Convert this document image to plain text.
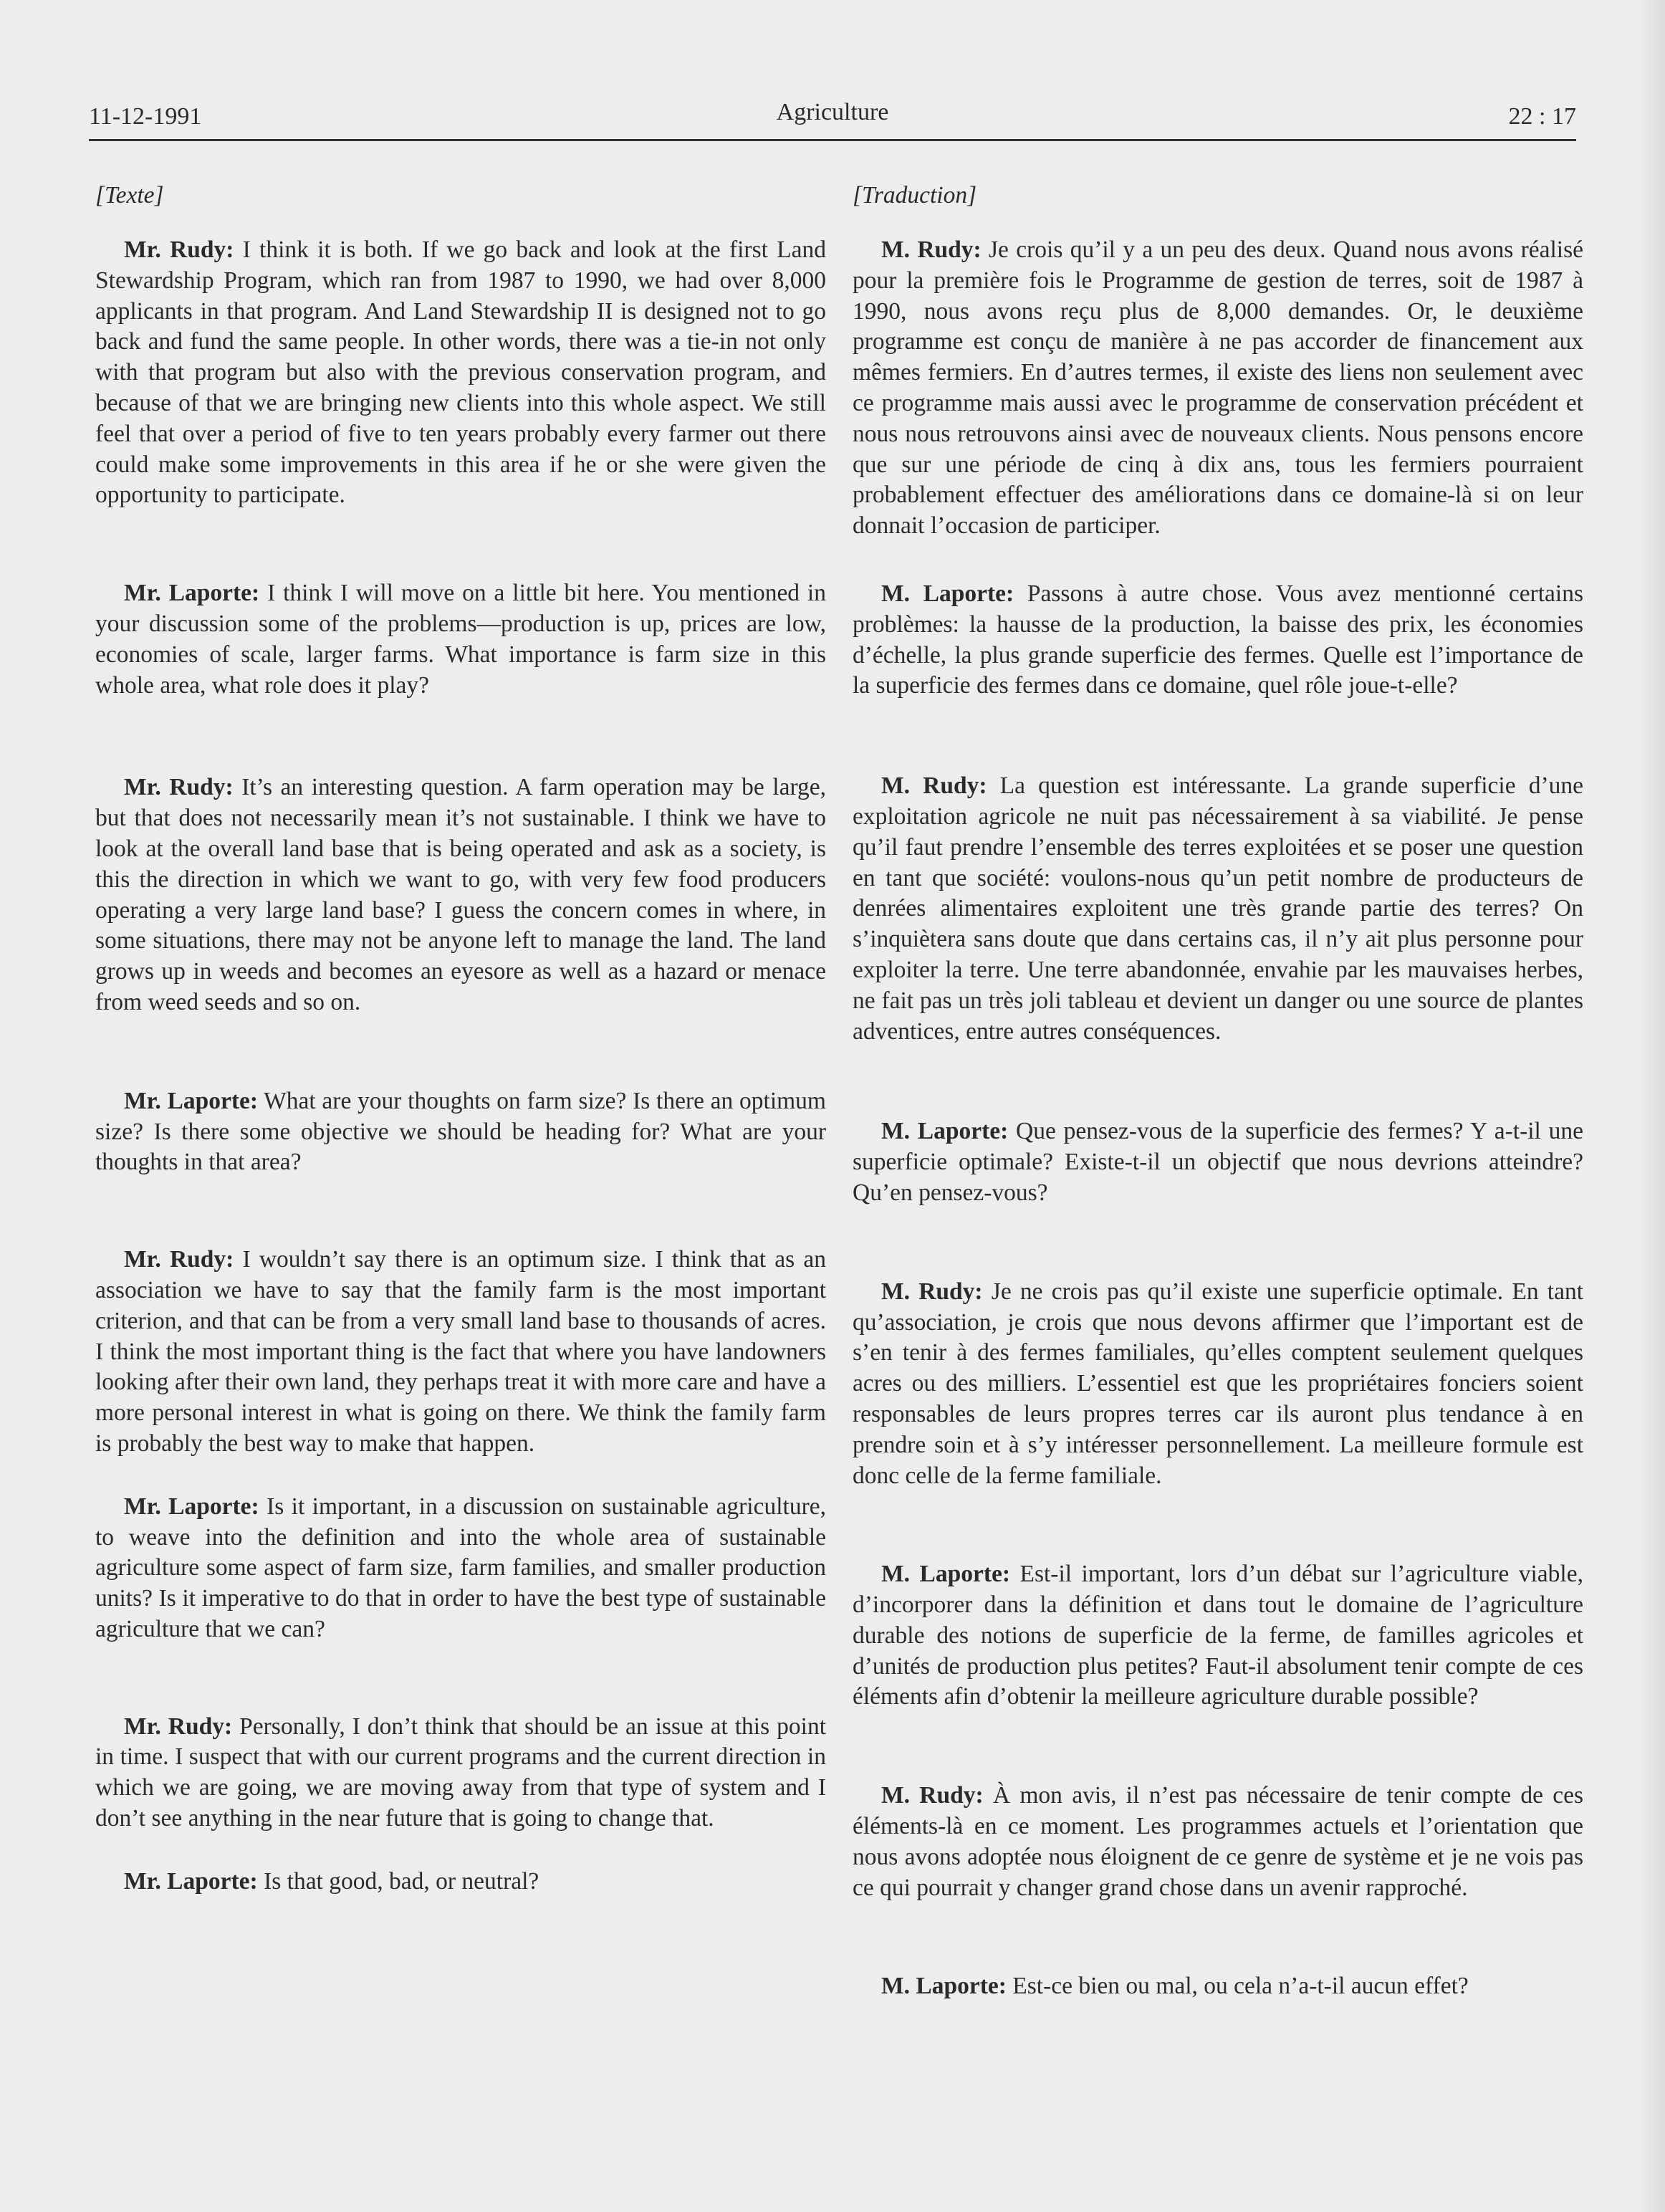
11-12-1991	Agriculture	22 : 17
[Texte]

Mr. Rudy: I think it is both. If we go back and look at the first Land Stewardship Program, which ran from 1987 to 1990, we had over 8,000 applicants in that program. And Land Stewardship II is designed not to go back and fund the same people. In other words, there was a tie-in not only with that program but also with the previous conservation program, and because of that we are bringing new clients into this whole aspect. We still feel that over a period of five to ten years probably every farmer out there could make some improvements in this area if he or she were given the opportunity to participate.

Mr. Laporte: I think I will move on a little bit here. You mentioned in your discussion some of the problems—production is up, prices are low, economies of scale, larger farms. What importance is farm size in this whole area, what role does it play?

Mr. Rudy: It’s an interesting question. A farm operation may be large, but that does not necessarily mean it’s not sustainable. I think we have to look at the overall land base that is being operated and ask as a society, is this the direction in which we want to go, with very few food producers operating a very large land base? I guess the concern comes in where, in some situations, there may not be anyone left to manage the land. The land grows up in weeds and becomes an eyesore as well as a hazard or menace from weed seeds and so on.

Mr. Laporte: What are your thoughts on farm size? Is there an optimum size? Is there some objective we should be heading for? What are your thoughts in that area?

Mr. Rudy: I wouldn’t say there is an optimum size. I think that as an association we have to say that the family farm is the most important criterion, and that can be from a very small land base to thousands of acres. I think the most important thing is the fact that where you have landowners looking after their own land, they perhaps treat it with more care and have a more personal interest in what is going on there. We think the family farm is probably the best way to make that happen.

Mr. Laporte: Is it important, in a discussion on sustainable agriculture, to weave into the definition and into the whole area of sustainable agriculture some aspect of farm size, farm families, and smaller production units? Is it imperative to do that in order to have the best type of sustainable agriculture that we can?

Mr. Rudy: Personally, I don’t think that should be an issue at this point in time. I suspect that with our current programs and the current direction in which we are going, we are moving away from that type of system and I don’t see anything in the near future that is going to change that.

Mr. Laporte: Is that good, bad, or neutral?

[Traduction]

M. Rudy: Je crois qu’il y a un peu des deux. Quand nous avons réalisé pour la première fois le Programme de gestion de terres, soit de 1987 à 1990, nous avons reçu plus de 8,000 demandes. Or, le deuxième programme est conçu de manière à ne pas accorder de financement aux mêmes fermiers. En d’autres termes, il existe des liens non seulement avec ce programme mais aussi avec le programme de conservation précédent et nous nous retrouvons ainsi avec de nouveaux clients. Nous pensons encore que sur une période de cinq à dix ans, tous les fermiers pourraient probablement effectuer des améliorations dans ce domaine-là si on leur donnait l’occasion de participer.

M. Laporte: Passons à autre chose. Vous avez mentionné certains problèmes: la hausse de la production, la baisse des prix, les économies d’échelle, la plus grande superficie des fermes. Quelle est l’importance de la superficie des fermes dans ce domaine, quel rôle joue-t-elle?

M. Rudy: La question est intéressante. La grande superficie d’une exploitation agricole ne nuit pas nécessairement à sa viabilité. Je pense qu’il faut prendre l’ensemble des terres exploitées et se poser une question en tant que société: voulons-nous qu’un petit nombre de producteurs de denrées alimentaires exploitent une très grande partie des terres? On s’inquiètera sans doute que dans certains cas, il n’y ait plus personne pour exploiter la terre. Une terre abandonnée, envahie par les mauvaises herbes, ne fait pas un très joli tableau et devient un danger ou une source de plantes adventices, entre autres conséquences.

M. Laporte: Que pensez-vous de la superficie des fermes? Y a-t-il une superficie optimale? Existe-t-il un objectif que nous devrions atteindre? Qu’en pensez-vous?

M. Rudy: Je ne crois pas qu’il existe une superficie optimale. En tant qu’association, je crois que nous devons affirmer que l’important est de s’en tenir à des fermes familiales, qu’elles comptent seulement quelques acres ou des milliers. L’essentiel est que les propriétaires fonciers soient responsables de leurs propres terres car ils auront plus tendance à en prendre soin et à s’y intéresser personnellement. La meilleure formule est donc celle de la ferme familiale.

M. Laporte: Est-il important, lors d’un débat sur l’agriculture viable, d’incorporer dans la définition et dans tout le domaine de l’agriculture durable des notions de superficie de la ferme, de familles agricoles et d’unités de production plus petites? Faut-il absolument tenir compte de ces éléments afin d’obtenir la meilleure agriculture durable possible?

M. Rudy: À mon avis, il n’est pas nécessaire de tenir compte de ces éléments-là en ce moment. Les programmes actuels et l’orientation que nous avons adoptée nous éloignent de ce genre de système et je ne vois pas ce qui pourrait y changer grand chose dans un avenir rapproché.

M. Laporte: Est-ce bien ou mal, ou cela n’a-t-il aucun effet?
